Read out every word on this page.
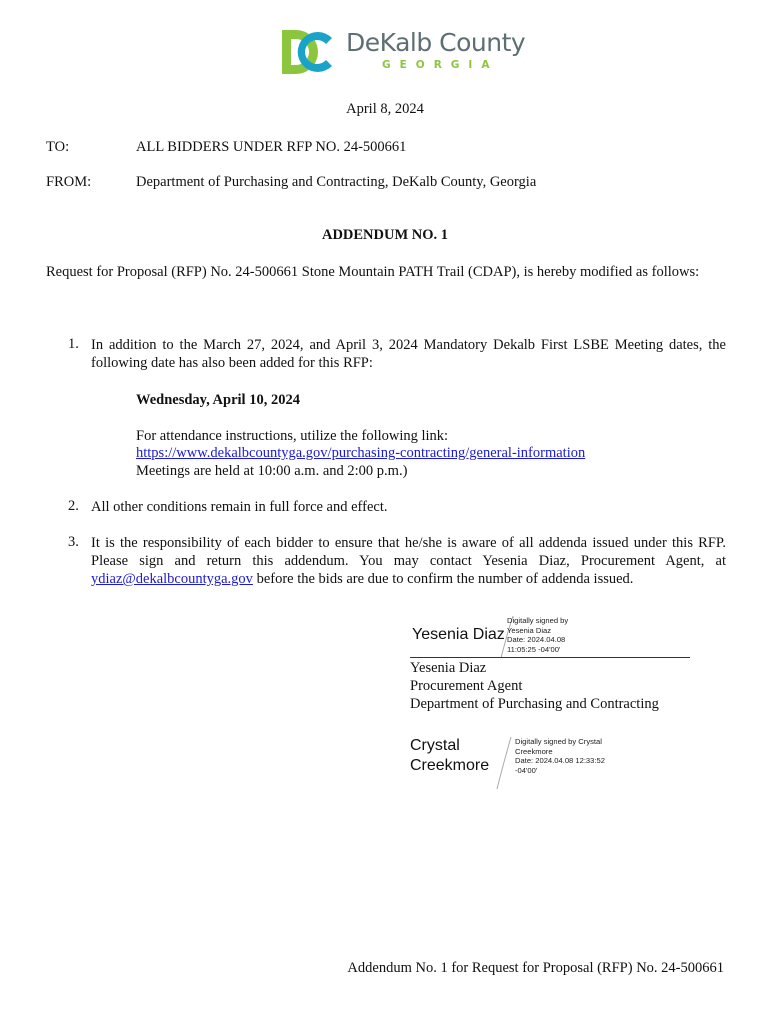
DeKalb County
GEORGIA
April 8, 2024
TO:	ALL BIDDERS UNDER RFP NO. 24-500661
FROM:	Department of Purchasing and Contracting, DeKalb County, Georgia
ADDENDUM NO. 1
Request for Proposal (RFP) No. 24-500661 Stone Mountain PATH Trail (CDAP), is hereby modified as follows:
1. In addition to the March 27, 2024, and April 3, 2024 Mandatory Dekalb First LSBE Meeting dates, the following date has also been added for this RFP:
Wednesday, April 10, 2024
For attendance instructions, utilize the following link:
https://www.dekalbcountyga.gov/purchasing-contracting/general-information
Meetings are held at 10:00 a.m. and 2:00 p.m.)
2. All other conditions remain in full force and effect.
3. It is the responsibility of each bidder to ensure that he/she is aware of all addenda issued under this RFP. Please sign and return this addendum. You may contact Yesenia Diaz, Procurement Agent, at ydiaz@dekalbcountyga.gov before the bids are due to confirm the number of addenda issued.
Yesenia Diaz
Digitally signed by
Yesenia Diaz
Date: 2024.04.08
11:05:25 -04'00'
Yesenia Diaz
Procurement Agent
Department of Purchasing and Contracting
Crystal
Creekmore
Digitally signed by Crystal
Creekmore
Date: 2024.04.08 12:33:52
-04'00'
Addendum No. 1 for Request for Proposal (RFP) No. 24-500661
